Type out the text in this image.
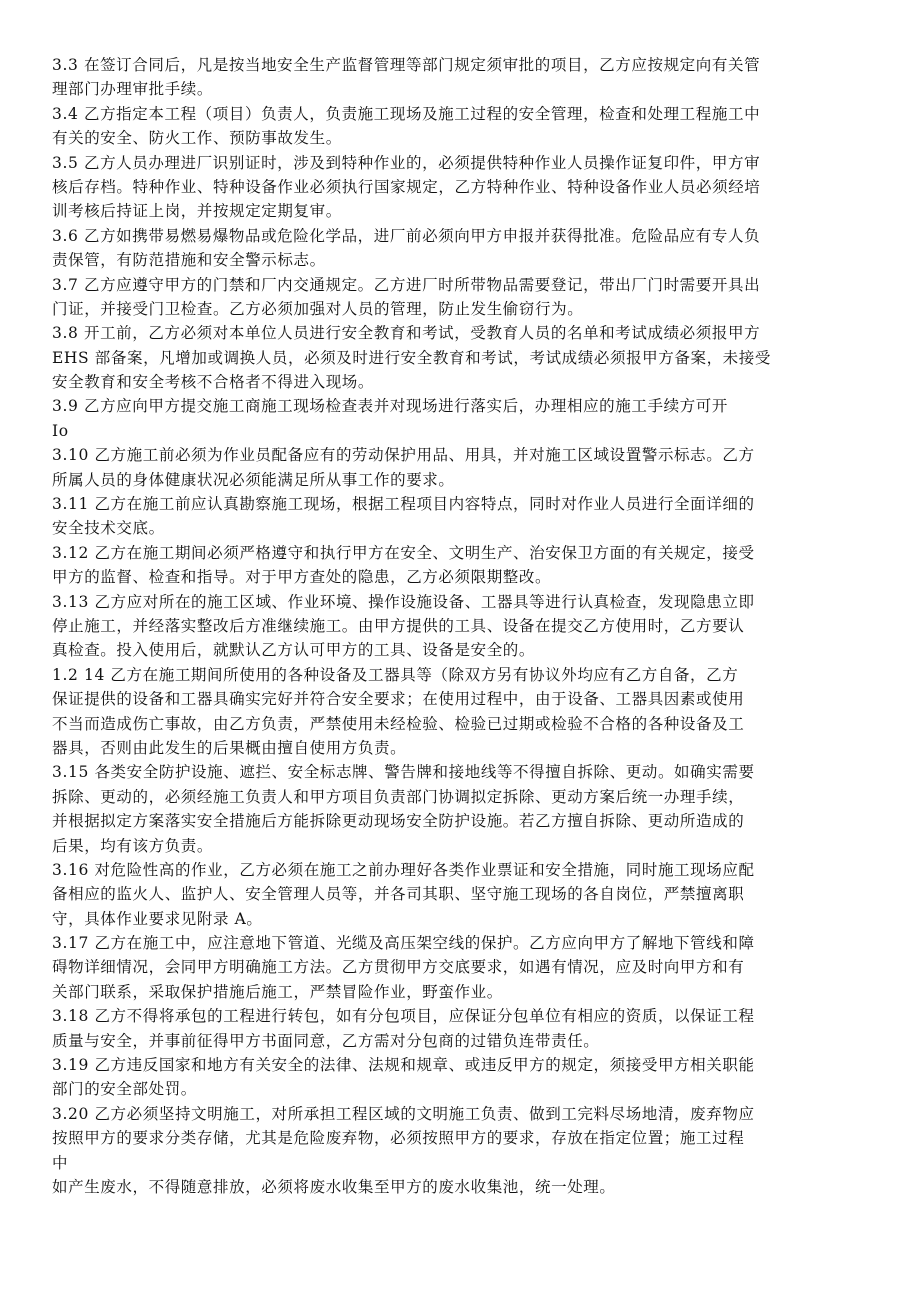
3.3 在签订合同后，凡是按当地安全生产监督管理等部门规定须审批的项目，乙方应按规定向有关管
理部门办理审批手续。
3.4 乙方指定本工程（项目）负责人，负责施工现场及施工过程的安全管理，检查和处理工程施工中
有关的安全、防火工作、预防事故发生。
3.5 乙方人员办理进厂识别证时，涉及到特种作业的，必须提供特种作业人员操作证复印件，甲方审
核后存档。特种作业、特种设备作业必须执行国家规定，乙方特种作业、特种设备作业人员必须经培
训考核后持证上岗，并按规定定期复审。
3.6 乙方如携带易燃易爆物品或危险化学品，进厂前必须向甲方申报并获得批准。危险品应有专人负
责保管，有防范措施和安全警示标志。
3.7 乙方应遵守甲方的门禁和厂内交通规定。乙方进厂时所带物品需要登记，带出厂门时需要开具出
门证，并接受门卫检查。乙方必须加强对人员的管理，防止发生偷窃行为。
3.8 开工前，乙方必须对本单位人员进行安全教育和考试，受教育人员的名单和考试成绩必须报甲方
EHS 部备案，凡增加或调换人员，必须及时进行安全教育和考试，考试成绩必须报甲方备案，未接受
安全教育和安全考核不合格者不得进入现场。
3.9 乙方应向甲方提交施工商施工现场检查表并对现场进行落实后，办理相应的施工手续方可开
Io
3.10 乙方施工前必须为作业员配备应有的劳动保护用品、用具，并对施工区域设置警示标志。乙方
所属人员的身体健康状况必须能满足所从事工作的要求。
3.11 乙方在施工前应认真勘察施工现场，根据工程项目内容特点，同时对作业人员进行全面详细的
安全技术交底。
3.12 乙方在施工期间必须严格遵守和执行甲方在安全、文明生产、治安保卫方面的有关规定，接受
甲方的监督、检查和指导。对于甲方查处的隐患，乙方必须限期整改。
3.13 乙方应对所在的施工区域、作业环境、操作设施设备、工器具等进行认真检查，发现隐患立即
停止施工，并经落实整改后方准继续施工。由甲方提供的工具、设备在提交乙方使用时，乙方要认
真检查。投入使用后，就默认乙方认可甲方的工具、设备是安全的。
1.2 14 乙方在施工期间所使用的各种设备及工器具等（除双方另有协议外均应有乙方自备，乙方
保证提供的设备和工器具确实完好并符合安全要求；在使用过程中，由于设备、工器具因素或使用
不当而造成伤亡事故，由乙方负责，严禁使用未经检验、检验已过期或检验不合格的各种设备及工
器具，否则由此发生的后果概由擅自使用方负责。
3.15 各类安全防护设施、遮拦、安全标志牌、警告牌和接地线等不得擅自拆除、更动。如确实需要
拆除、更动的，必须经施工负责人和甲方项目负责部门协调拟定拆除、更动方案后统一办理手续，
并根据拟定方案落实安全措施后方能拆除更动现场安全防护设施。若乙方擅自拆除、更动所造成的
后果，均有该方负责。
3.16 对危险性高的作业，乙方必须在施工之前办理好各类作业票证和安全措施，同时施工现场应配
备相应的监火人、监护人、安全管理人员等，并各司其职、坚守施工现场的各自岗位，严禁擅离职
守，具体作业要求见附录 A。
3.17 乙方在施工中，应注意地下管道、光缆及高压架空线的保护。乙方应向甲方了解地下管线和障
碍物详细情况，会同甲方明确施工方法。乙方贯彻甲方交底要求，如遇有情况，应及时向甲方和有
关部门联系，采取保护措施后施工，严禁冒险作业，野蛮作业。
3.18 乙方不得将承包的工程进行转包，如有分包项目，应保证分包单位有相应的资质，以保证工程
质量与安全，并事前征得甲方书面同意，乙方需对分包商的过错负连带责任。
3.19 乙方违反国家和地方有关安全的法律、法规和规章、或违反甲方的规定，须接受甲方相关职能
部门的安全部处罚。
3.20 乙方必须坚持文明施工，对所承担工程区域的文明施工负责、做到工完料尽场地清，废弃物应
按照甲方的要求分类存储，尤其是危险废弃物，必须按照甲方的要求，存放在指定位置；施工过程
中
如产生废水，不得随意排放，必须将废水收集至甲方的废水收集池，统一处理。
